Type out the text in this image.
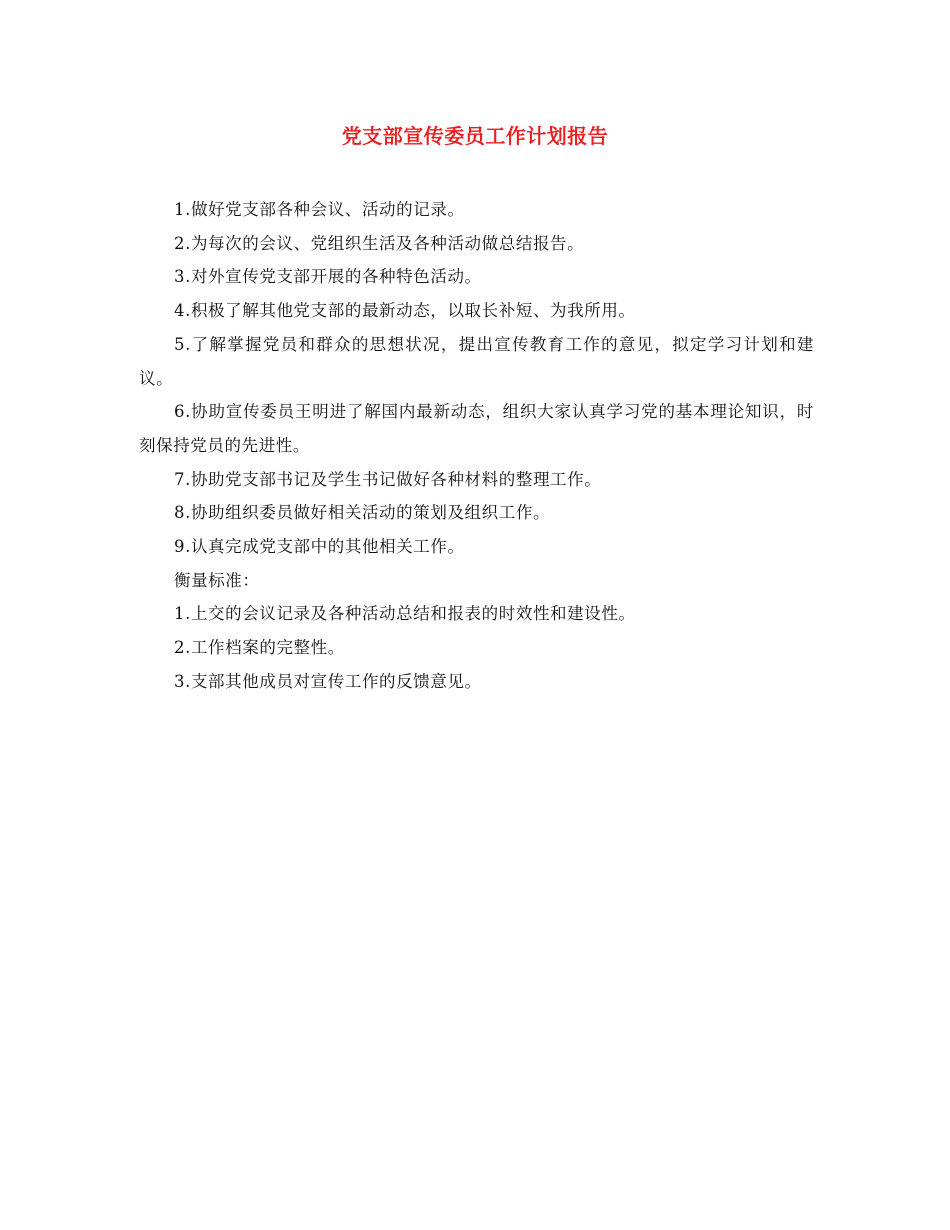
党支部宣传委员工作计划报告

1.做好党支部各种会议、活动的记录。

2.为每次的会议、党组织生活及各种活动做总结报告。

3.对外宣传党支部开展的各种特色活动。

4.积极了解其他党支部的最新动态，以取长补短、为我所用。

5.了解掌握党员和群众的思想状况，提出宣传教育工作的意见，拟定学习计划和建议。

6.协助宣传委员王明进了解国内最新动态，组织大家认真学习党的基本理论知识，时刻保持党员的先进性。

7.协助党支部书记及学生书记做好各种材料的整理工作。

8.协助组织委员做好相关活动的策划及组织工作。

9.认真完成党支部中的其他相关工作。

衡量标准：

1.上交的会议记录及各种活动总结和报表的时效性和建设性。

2.工作档案的完整性。

3.支部其他成员对宣传工作的反馈意见。
